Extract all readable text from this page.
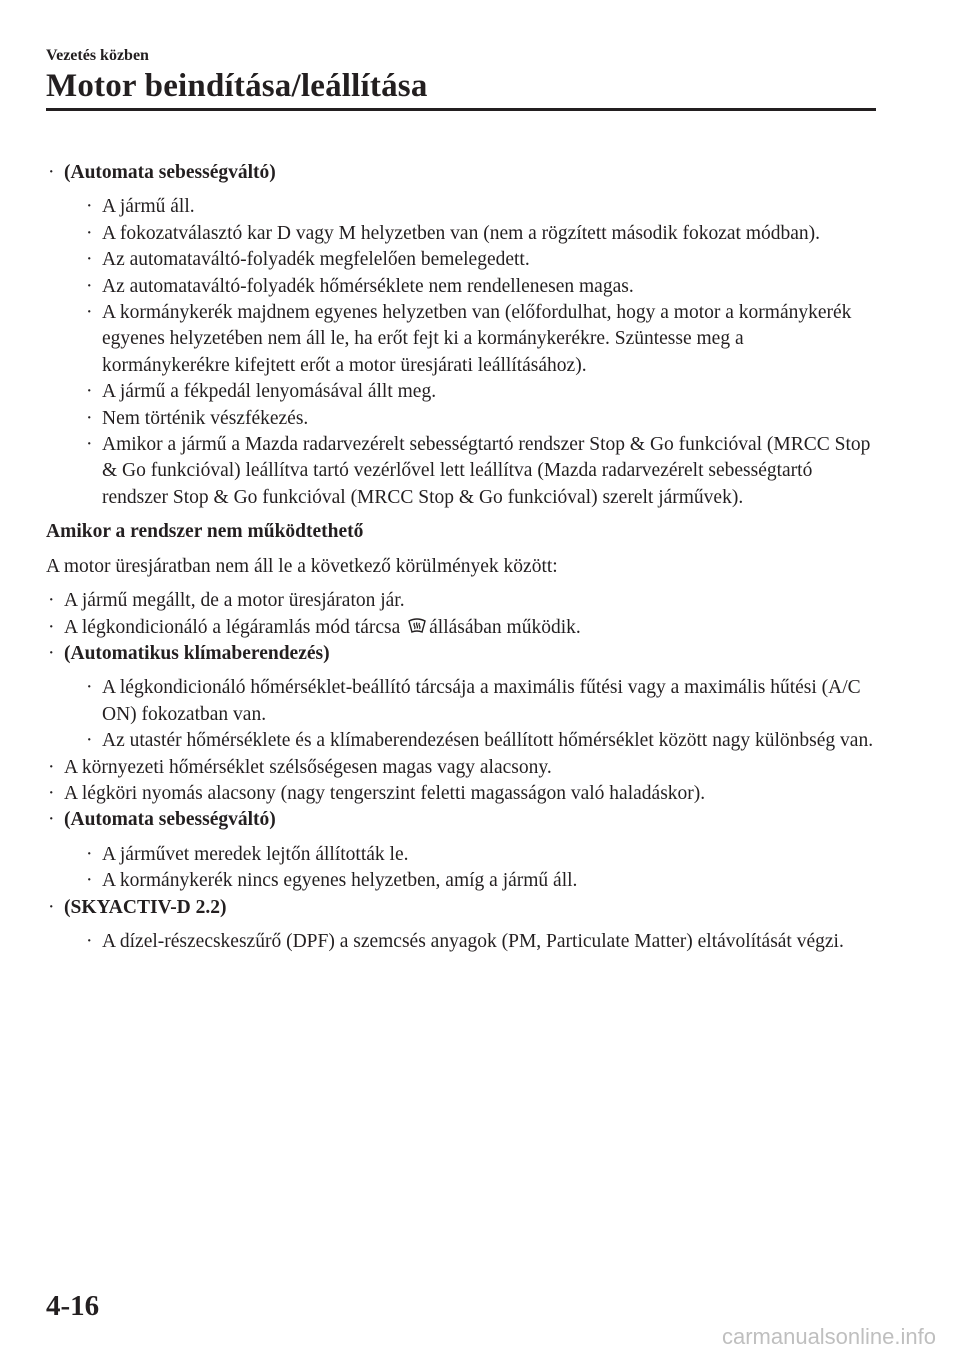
Vezetés közben

Motor beindítása/leállítása

· (Automata sebességváltó)
· A jármű áll.
· A fokozatválasztó kar D vagy M helyzetben van (nem a rögzített második fokozat módban).
· Az automataváltó-folyadék megfelelően bemelegedett.
· Az automataváltó-folyadék hőmérséklete nem rendellenesen magas.
· A kormánykerék majdnem egyenes helyzetben van (előfordulhat, hogy a motor a kormánykerék egyenes helyzetében nem áll le, ha erőt fejt ki a kormánykerékre. Szüntesse meg a kormánykerékre kifejtett erőt a motor üresjárati leállításához).
· A jármű a fékpedál lenyomásával állt meg.
· Nem történik vészfékezés.
· Amikor a jármű a Mazda radarvezérelt sebességtartó rendszer Stop & Go funkcióval (MRCC Stop & Go funkcióval) leállítva tartó vezérlővel lett leállítva (Mazda radarvezérelt sebességtartó rendszer Stop & Go funkcióval (MRCC Stop & Go funkcióval) szerelt járművek).
Amikor a rendszer nem működtethető
A motor üresjáratban nem áll le a következő körülmények között:
· A jármű megállt, de a motor üresjáraton jár.
· A légkondicionáló a légáramlás mód tárcsa állásában működik.
· (Automatikus klímaberendezés)
· A légkondicionáló hőmérséklet-beállító tárcsája a maximális fűtési vagy a maximális hűtési (A/C ON) fokozatban van.
· Az utastér hőmérséklete és a klímaberendezésen beállított hőmérséklet között nagy különbség van.
· A környezeti hőmérséklet szélsőségesen magas vagy alacsony.
· A légköri nyomás alacsony (nagy tengerszint feletti magasságon való haladáskor).
· (Automata sebességváltó)
· A járművet meredek lejtőn állították le.
· A kormánykerék nincs egyenes helyzetben, amíg a jármű áll.
· (SKYACTIV-D 2.2)
· A dízel-részecskeszűrő (DPF) a szemcsés anyagok (PM, Particulate Matter) eltávolítását végzi.

4-16

carmanualsonline.info
